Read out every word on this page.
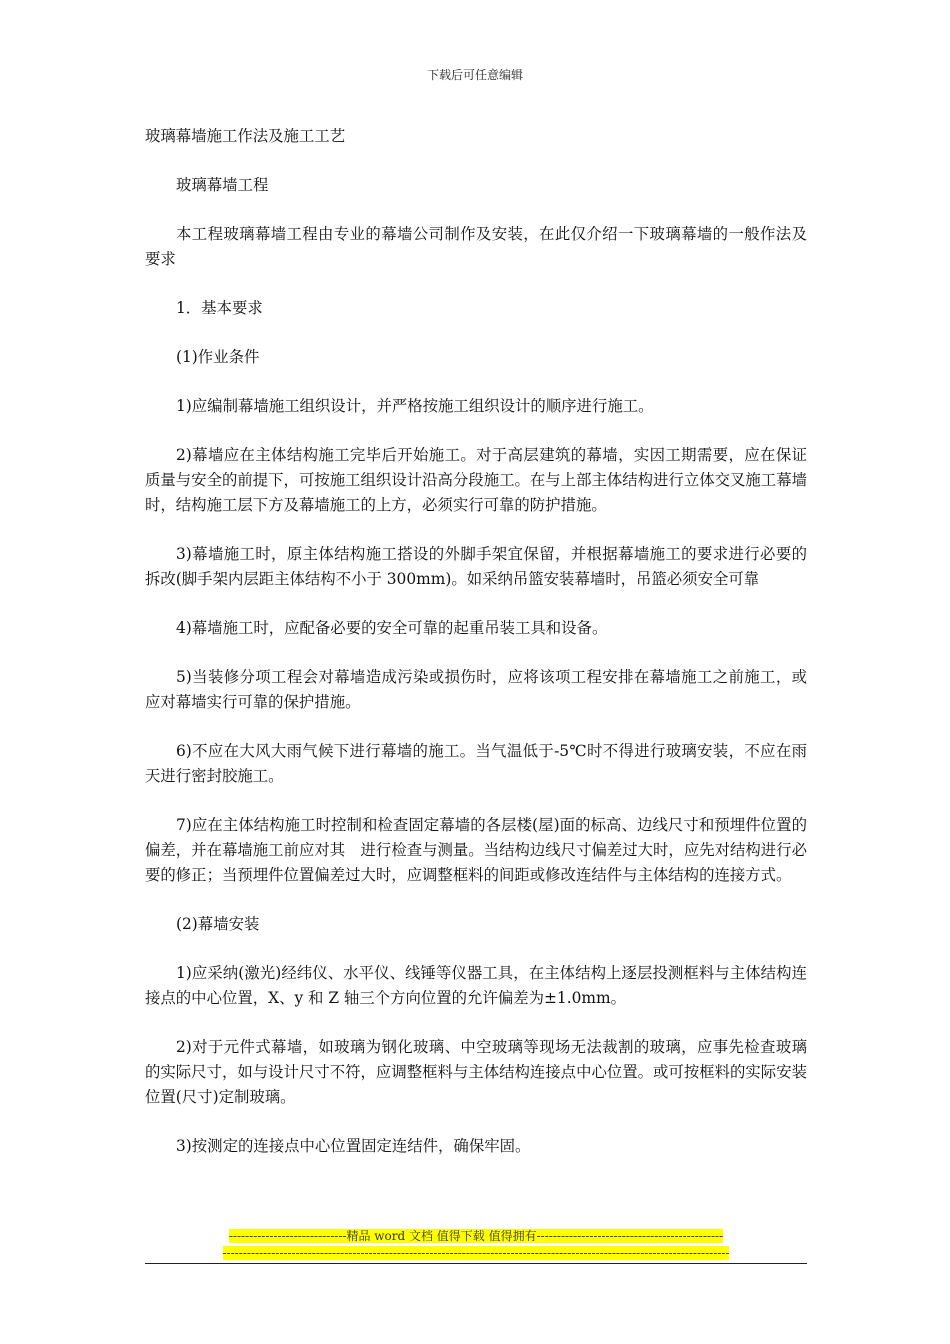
下载后可任意编辑

玻璃幕墙施工作法及施工工艺

玻璃幕墙工程

本工程玻璃幕墙工程由专业的幕墙公司制作及安装，在此仅介绍一下玻璃幕墙的一般作法及要求

1．基本要求

(1)作业条件

1)应编制幕墙施工组织设计，并严格按施工组织设计的顺序进行施工。

2)幕墙应在主体结构施工完毕后开始施工。对于高层建筑的幕墙，实因工期需要，应在保证质量与安全的前提下，可按施工组织设计沿高分段施工。在与上部主体结构进行立体交叉施工幕墙时，结构施工层下方及幕墙施工的上方，必须实行可靠的防护措施。

3)幕墙施工时，原主体结构施工搭设的外脚手架宜保留，并根据幕墙施工的要求进行必要的拆改(脚手架内层距主体结构不小于 300mm)。如采纳吊篮安装幕墙时，吊篮必须安全可靠

4)幕墙施工时，应配备必要的安全可靠的起重吊装工具和设备。

5)当装修分项工程会对幕墙造成污染或损伤时，应将该项工程安排在幕墙施工之前施工，或应对幕墙实行可靠的保护措施。

6)不应在大风大雨气候下进行幕墙的施工。当气温低于-5℃时不得进行玻璃安装，不应在雨天进行密封胶施工。

7)应在主体结构施工时控制和检查固定幕墙的各层楼(屋)面的标高、边线尺寸和预埋件位置的偏差，并在幕墙施工前应对其　进行检查与测量。当结构边线尺寸偏差过大时，应先对结构进行必要的修正；当预埋件位置偏差过大时，应调整框料的间距或修改连结件与主体结构的连接方式。

(2)幕墙安装

1)应采纳(激光)经纬仪、水平仪、线锤等仪器工具，在主体结构上逐层投测框料与主体结构连接点的中心位置，X、y 和 Z 轴三个方向位置的允许偏差为±1.0mm。

2)对于元件式幕墙，如玻璃为钢化玻璃、中空玻璃等现场无法裁割的玻璃，应事先检查玻璃的实际尺寸，如与设计尺寸不符，应调整框料与主体结构连接点中心位置。或可按框料的实际安装位置(尺寸)定制玻璃。

3)按测定的连接点中心位置固定连结件，确保牢固。

-----------------------------精品 word 文档 值得下载 值得拥有----------------------------------------------
-----------------------------------------------------------------------------------------------------------------------------
